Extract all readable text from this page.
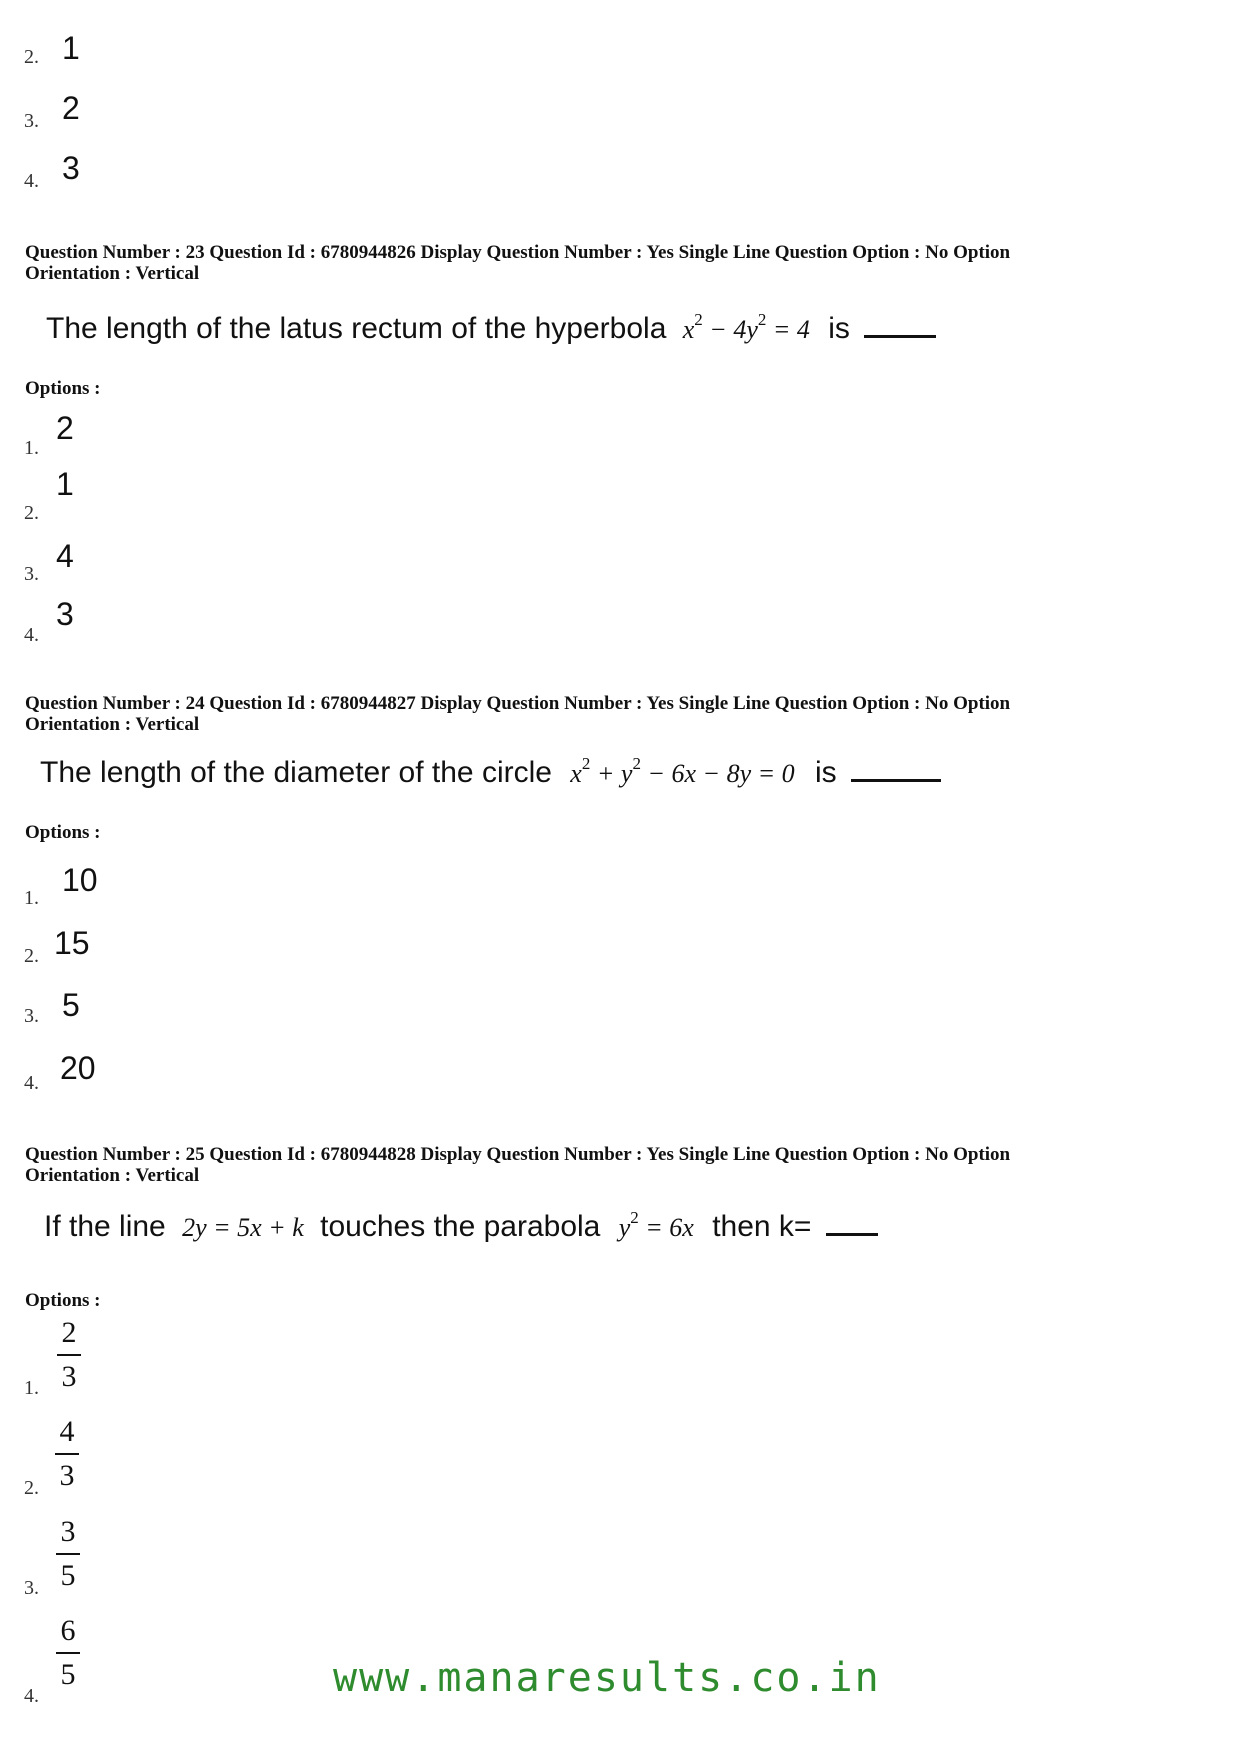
2. 1
3. 2
4. 3
Question Number : 23 Question Id : 6780944826 Display Question Number : Yes Single Line Question Option : No Option
Orientation : Vertical
The length of the latus rectum of the hyperbola $x^2 - 4y^2 = 4$ is
Options :
1.
2
2.
1
3. 4
4.
3
Question Number : 24 Question Id : 6780944827 Display Question Number : Yes Single Line Question Option : No Option
Orientation : Vertical
The length of the diameter of the circle $x^2 + y^2 - 6x - 8y = 0$ is
Options :
1. 10
2. 15
3. 5
4. 20
Question Number : 25 Question Id : 6780944828 Display Question Number : Yes Single Line Question Option : No Option
Orientation : Vertical
If the line 2y = 5x + k touches the parabola $y^2 = 6x$ then k=
Options :
1.
2
3
2.
4
3
3.
3
5
4.
6
5	www.manaresults.co.in
